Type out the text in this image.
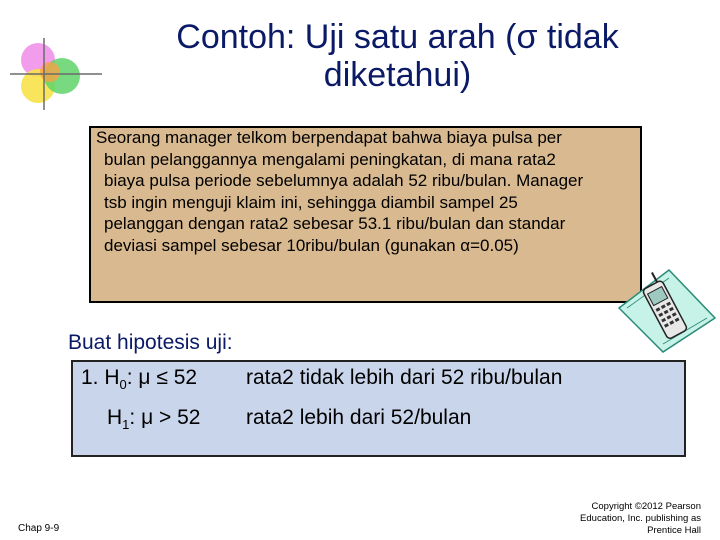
Contoh: Uji satu arah (σ tidak diketahui)
Seorang manager telkom berpendapat bahwa biaya pulsa per
bulan pelanggannya mengalami peningkatan, di mana rata2
biaya pulsa periode sebelumnya adalah 52 ribu/bulan. Manager
tsb ingin menguji klaim ini, sehingga diambil sampel 25
pelanggan dengan rata2 sebesar 53.1 ribu/bulan dan standar
deviasi sampel sebesar 10ribu/bulan (gunakan α=0.05)
Buat hipotesis uji:
1. $H_0$: μ ≤ 52 rata2 tidak lebih dari 52 ribu/bulan
$H_1$: μ > 52 rata2 lebih dari 52/bulan
Chap 9-9
Copyright ©2012 Pearson
Education, Inc. publishing as
Prentice Hall
